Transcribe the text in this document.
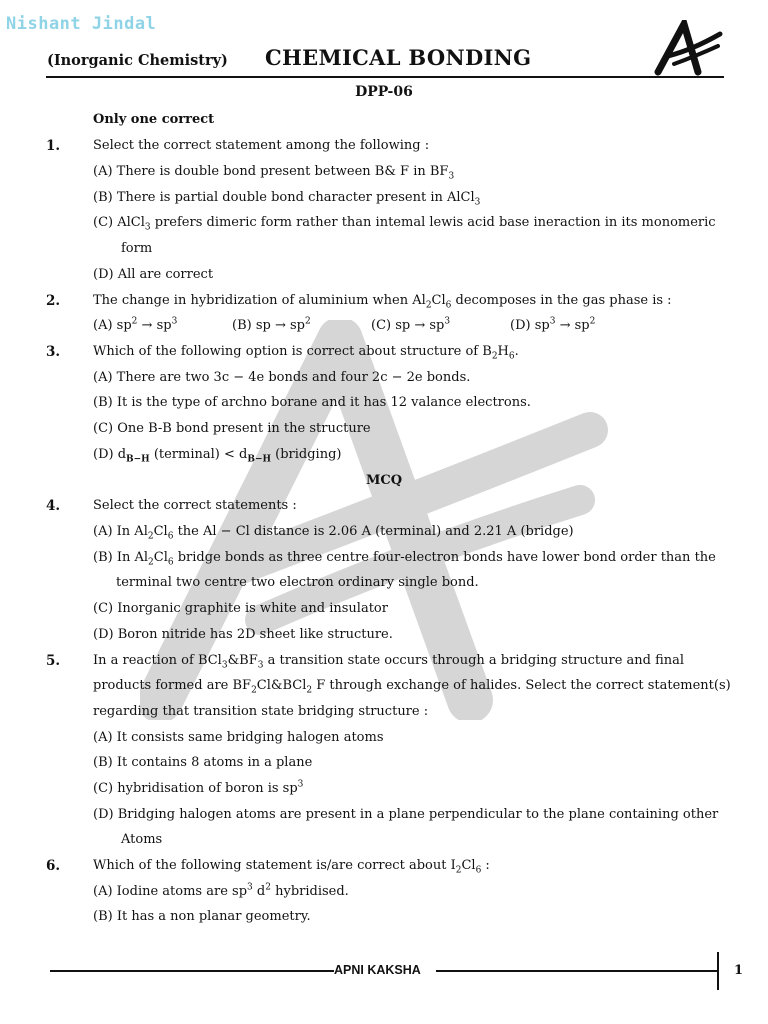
Nishant Jindal
(Inorganic Chemistry) CHEMICAL BONDING
DPP-06
Only one correct
1.	Select the correct statement among the following :
(A) There is double bond present between B& F in $BF_3$
(B) There is partial double bond character present in AlCl$_3$
(C) AlCl$_3$ prefers dimeric form rather than intemal lewis acid base ineraction in its monomeric
form
(D) All are correct
2.	The change in hybridization of aluminium when $Al_2Cl_6$ decomposes in the gas phase is :
(A) $sp^2 \to sp^3$	(B) sp → $sp^2$	(C) sp → $sp^3$	(D) $sp^3 \to sp^2$
3.	Which of the following option is correct about structure of $B_2H_6$.
(A) There are two 3c − 4e bonds and four 2c − 2e bonds.
(B) It is the type of archno borane and it has 12 valance electrons.
(C) One B-B bond present in the structure
(D) $d_{B-H}$ (terminal) < $d_{B-H}$ (bridging)
MCQ
4.	Select the correct statements :
(A) In $Al_2Cl_6$ the Al − Cl distance is 2.06 A (terminal) and 2.21 A (bridge)
(B) In $Al_2Cl_6$ bridge bonds as three centre four-electron bonds have lower bond order than the
terminal two centre two electron ordinary single bond.
(C) Inorganic graphite is white and insulator
(D) Boron nitride has 2D sheet like structure.
5.	In a reaction of $BCl_3\&BF_3$ a transition state occurs through a bridging structure and final
products formed are $BF_2Cl\&BCl_2$ F through exchange of halides. Select the correct statement(s)
regarding that transition state bridging structure :
(A) It consists same bridging halogen atoms
(B) It contains 8 atoms in a plane
(C) hybridisation of boron is $sp^3$
(D) Bridging halogen atoms are present in a plane perpendicular to the plane containing other
Atoms
6.	Which of the following statement is/are correct about $I_2Cl_6$ :
(A) Iodine atoms are $sp^3$ $d^2$ hybridised.
(B) It has a non planar geometry.
APNI KAKSHA	1
